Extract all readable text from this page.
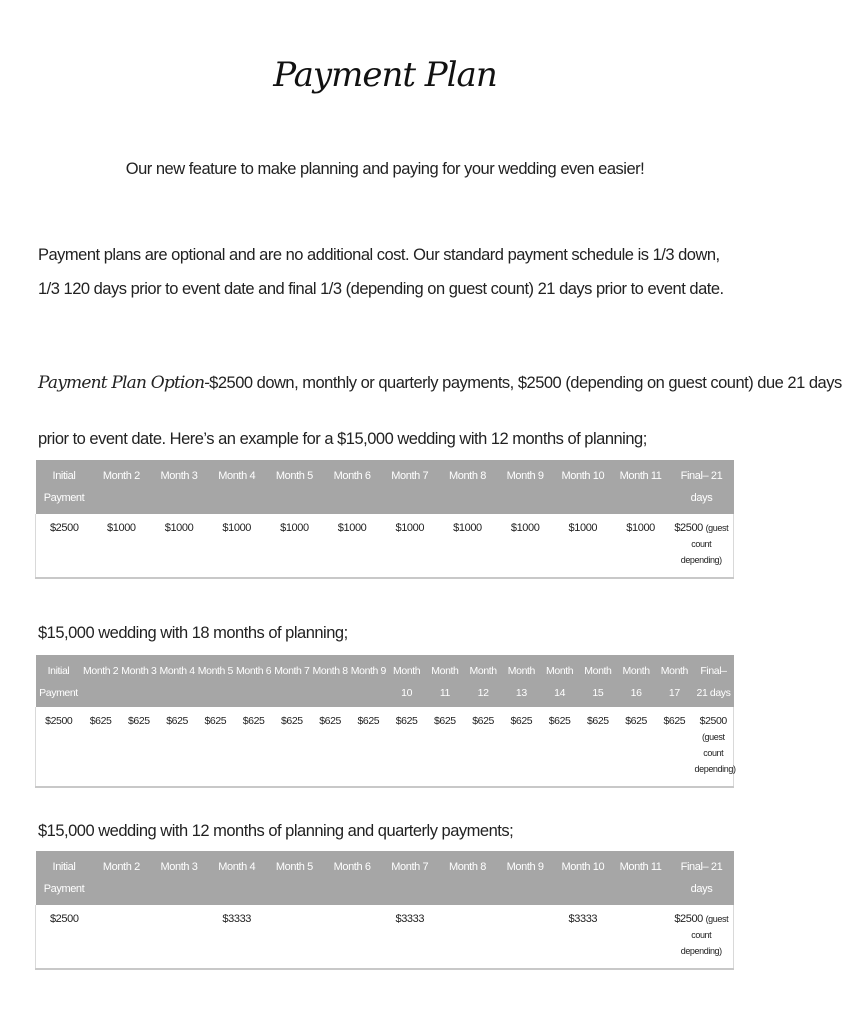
Payment Plan
Our new feature to make planning and paying for your wedding even easier!
Payment plans are optional and are no additional cost. Our standard payment schedule is 1/3 down, 1/3 120 days prior to event date and final 1/3 (depending on guest count) 21 days prior to event date.
Payment Plan Option-$2500 down, monthly or quarterly payments, $2500 (depending on guest count) due 21 days
prior to event date. Here’s an example for a $15,000 wedding with 12 months of planning;
Initial Payment	Month 2	Month 3	Month 4	Month 5	Month 6	Month 7	Month 8	Month 9	Month 10	Month 11	Final– 21 days
$2500	$1000	$1000	$1000	$1000	$1000	$1000	$1000	$1000	$1000	$1000	$2500 (guest count depending)
$15,000 wedding with 18 months of planning;
Initial Payment	Month 2	Month 3	Month 4	Month 5	Month 6	Month 7	Month 8	Month 9	Month 10	Month 11	Month 12	Month 13	Month 14	Month 15	Month 16	Month 17	Final– 21 days
$2500	$625	$625	$625	$625	$625	$625	$625	$625	$625	$625	$625	$625	$625	$625	$625	$625	$2500
(guest count depending)
$15,000 wedding with 12 months of planning and quarterly payments;
Initial Payment	Month 2	Month 3	Month 4	Month 5	Month 6	Month 7	Month 8	Month 9	Month 10	Month 11	Final– 21 days
$2500			$3333			$3333			$3333		$2500 (guest count depending)
